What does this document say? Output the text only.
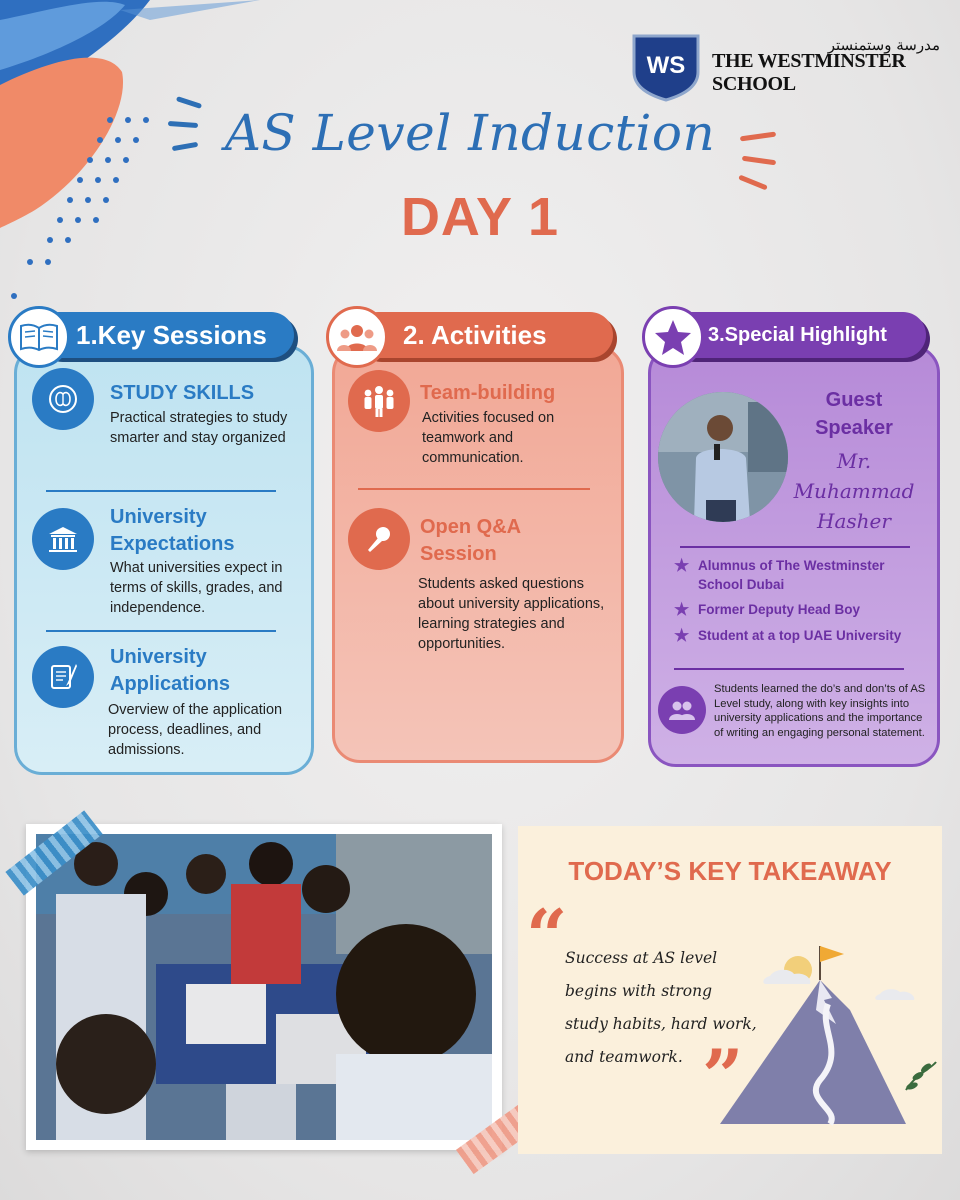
WS
مدرسة وستمنستر
THE WESTMINSTER SCHOOL
AS Level Induction
DAY 1
1.Key Sessions
STUDY SKILLS
Practical strategies to study smarter and stay organized
University Expectations
What universities expect in terms of skills, grades, and independence.
University Applications
Overview of the application process, deadlines, and admissions.
2. Activities
Team-building
Activities focused on teamwork and communication.
Open Q&A Session
Students asked questions about university applications, learning strategies and opportunities.
3.Special Highlight
Guest Speaker
Mr.
Muhammad
Hasher
★ Alumnus of The Westminster School Dubai
★ Former Deputy Head Boy
★ Student at a top UAE University
Students learned the do’s and don’ts of AS Level study, along with key insights into university applications and the importance of writing an engaging personal statement.
TODAY’S KEY TAKEAWAY
“
Success at AS level
begins with strong
study habits, hard work,
and teamwork. ”
